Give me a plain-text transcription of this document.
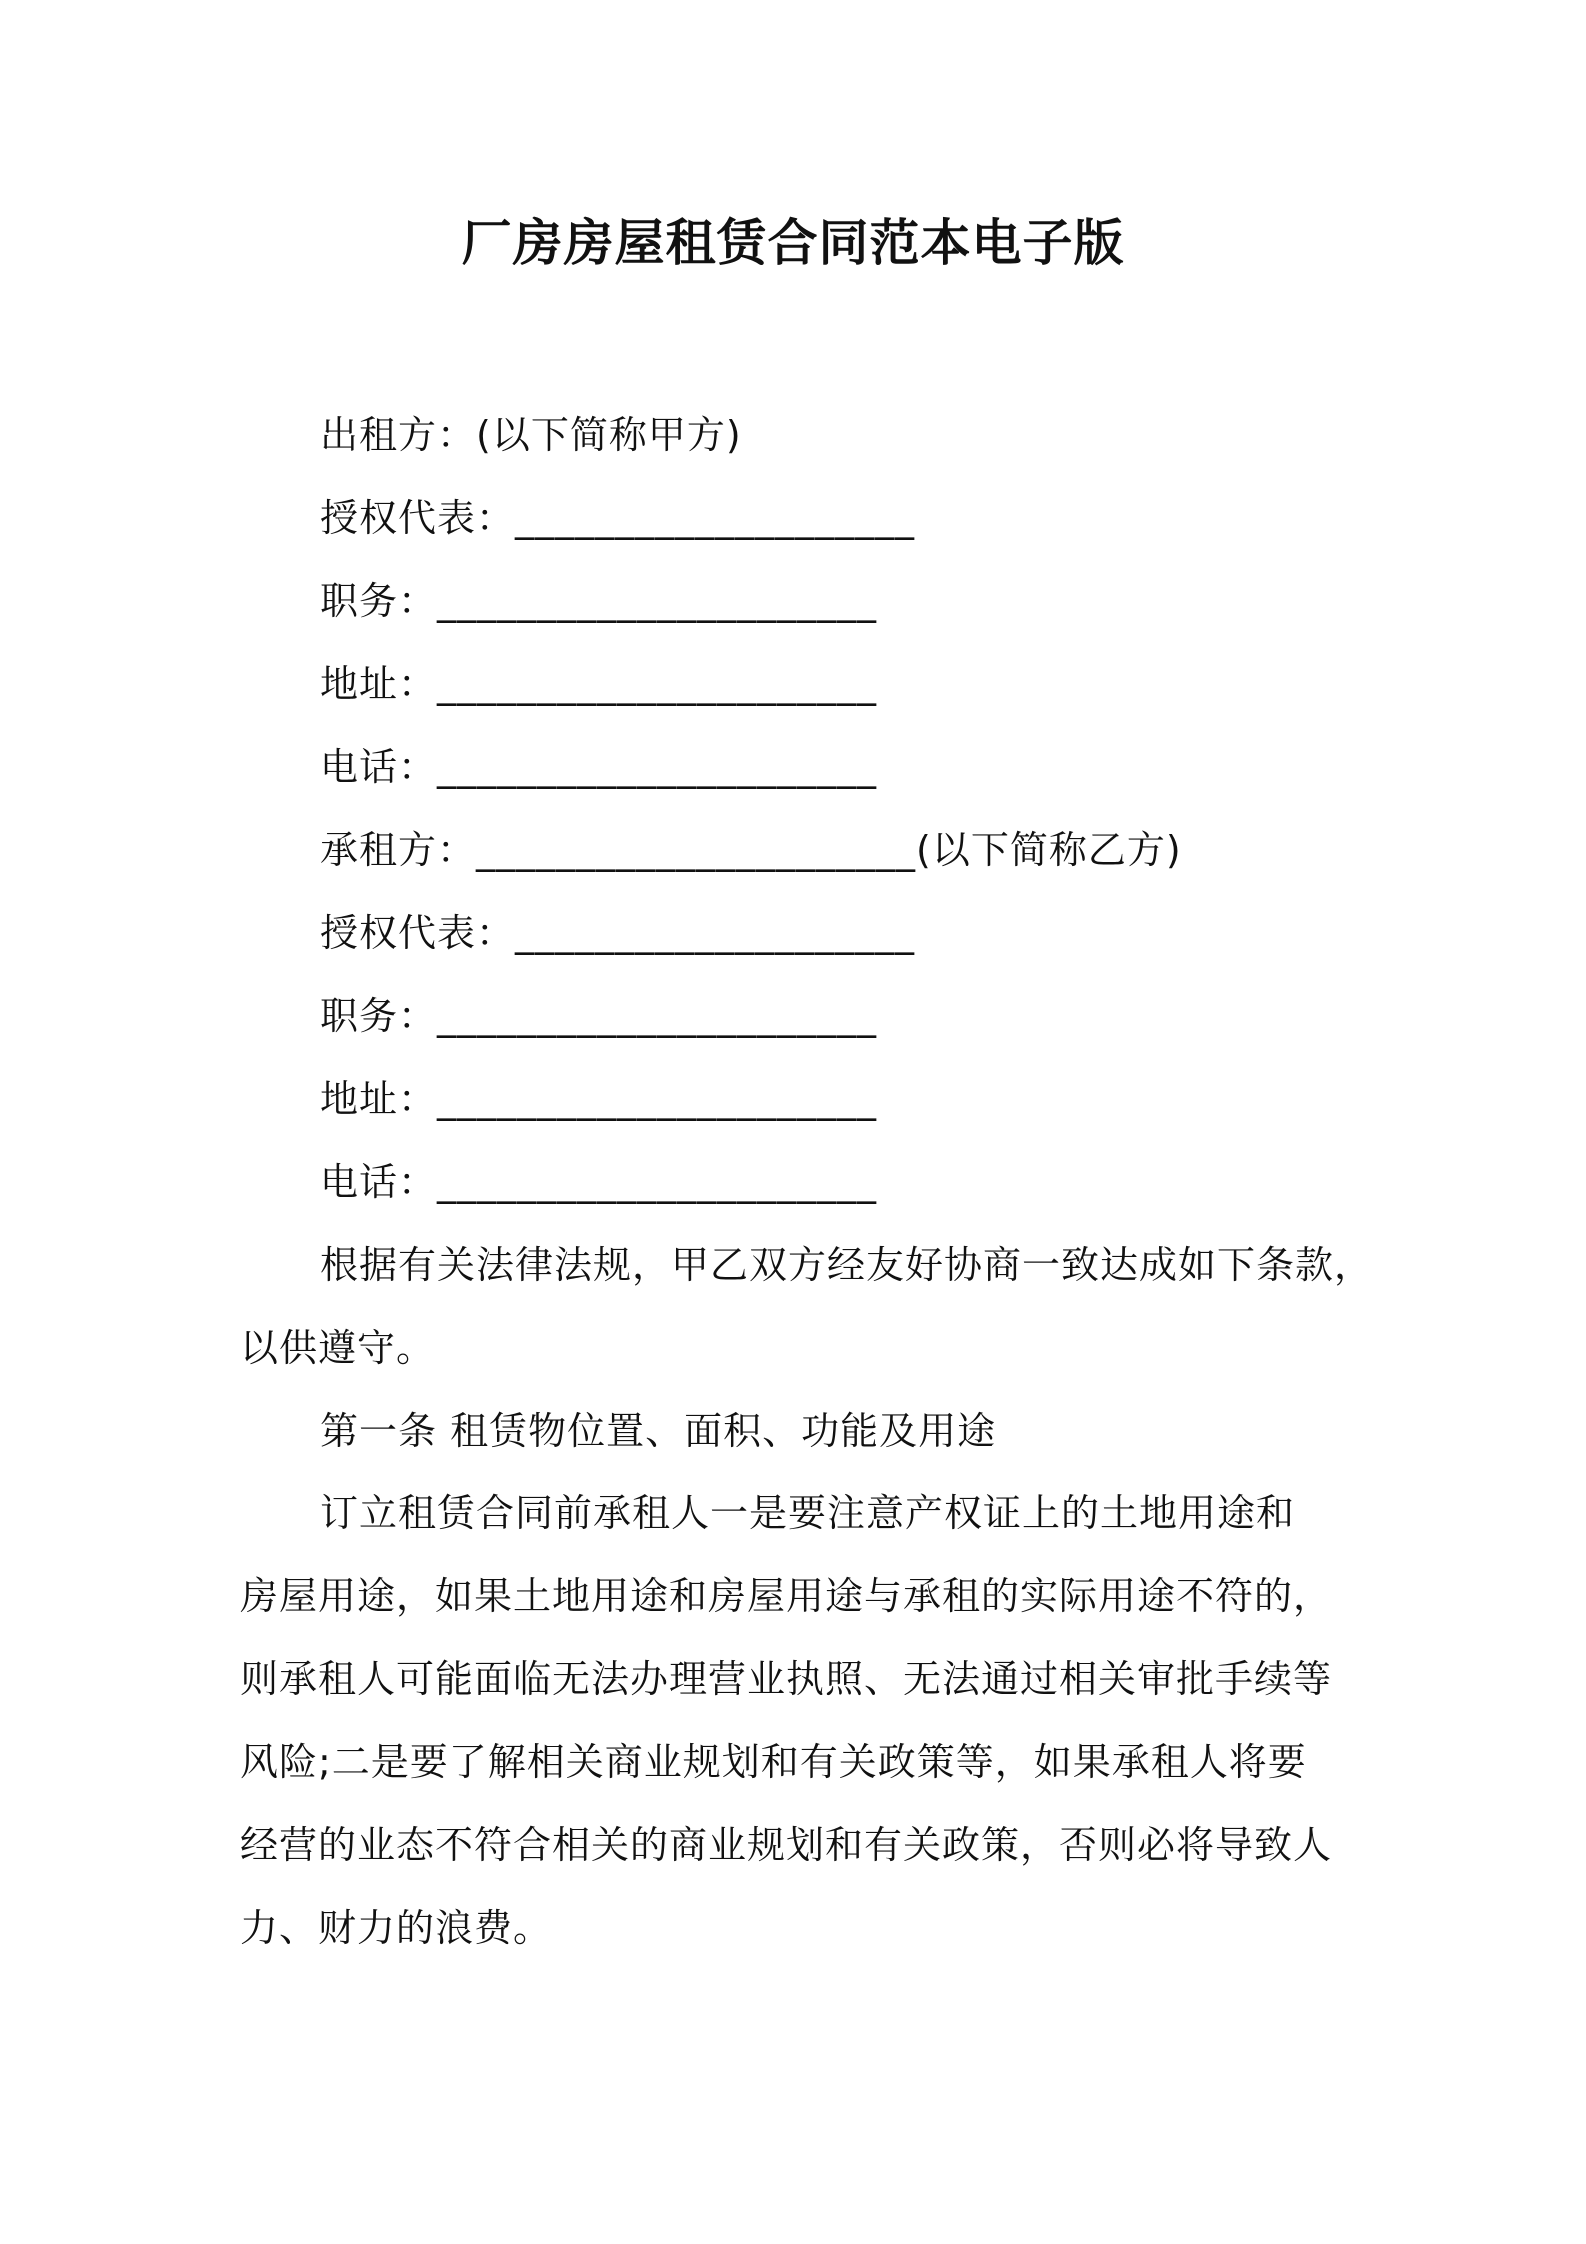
厂房房屋租赁合同范本电子版
出租方：(以下简称甲方)
授权代表：____________________
职务：______________________
地址：______________________
电话：______________________
承租方：______________________(以下简称乙方)
授权代表：____________________
职务：______________________
地址：______________________
电话：______________________
根据有关法律法规，甲乙双方经友好协商一致达成如下条款，
以供遵守。
第一条 租赁物位置、面积、功能及用途
订立租赁合同前承租人一是要注意产权证上的土地用途和
房屋用途，如果土地用途和房屋用途与承租的实际用途不符的，
则承租人可能面临无法办理营业执照、无法通过相关审批手续等
风险;二是要了解相关商业规划和有关政策等，如果承租人将要
经营的业态不符合相关的商业规划和有关政策，否则必将导致人
力、财力的浪费。
